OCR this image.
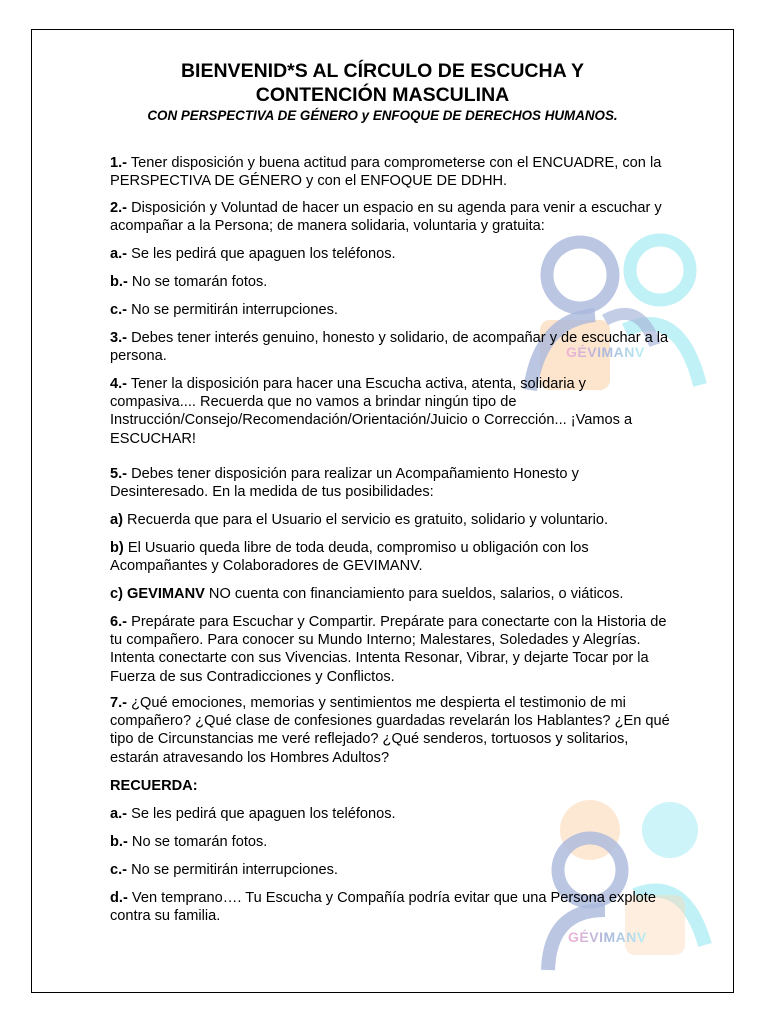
GÉVIMANV
GÉVIMANV
BIENVENID*S AL CÍRCULO DE ESCUCHA Y
CONTENCIÓN MASCULINA
CON PERSPECTIVA DE GÉNERO y ENFOQUE DE DERECHOS HUMANOS.

1.- Tener disposición y buena actitud para comprometerse con el ENCUADRE, con la PERSPECTIVA DE GÉNERO y con el ENFOQUE DE DDHH.

2.- Disposición y Voluntad de hacer un espacio en su agenda para venir a escuchar y acompañar a la Persona; de manera solidaria, voluntaria y gratuita:

a.- Se les pedirá que apaguen los teléfonos.

b.- No se tomarán fotos.

c.- No se permitirán interrupciones.

3.- Debes tener interés genuino, honesto y solidario, de acompañar y de escuchar a la persona.

4.- Tener la disposición para hacer una Escucha activa, atenta, solidaria y compasiva.... Recuerda que no vamos a brindar ningún tipo de Instrucción/Consejo/Recomendación/Orientación/Juicio o Corrección... ¡Vamos a ESCUCHAR!

5.- Debes tener disposición para realizar un Acompañamiento Honesto y Desinteresado. En la medida de tus posibilidades:

a) Recuerda que para el Usuario el servicio es gratuito, solidario y voluntario.

b) El Usuario queda libre de toda deuda, compromiso u obligación con los Acompañantes y Colaboradores de GEVIMANV.

c) GEVIMANV NO cuenta con financiamiento para sueldos, salarios, o viáticos.

6.- Prepárate para Escuchar y Compartir. Prepárate para conectarte con la Historia de tu compañero. Para conocer su Mundo Interno; Malestares, Soledades y Alegrías. Intenta conectarte con sus Vivencias. Intenta Resonar, Vibrar, y dejarte Tocar por la Fuerza de sus Contradicciones y Conflictos.

7.- ¿Qué emociones, memorias y sentimientos me despierta el testimonio de mi compañero? ¿Qué clase de confesiones guardadas revelarán los Hablantes? ¿En qué tipo de Circunstancias me veré reflejado? ¿Qué senderos, tortuosos y solitarios, estarán atravesando los Hombres Adultos?

RECUERDA:

a.- Se les pedirá que apaguen los teléfonos.

b.- No se tomarán fotos.

c.- No se permitirán interrupciones.

d.- Ven temprano…. Tu Escucha y Compañía podría evitar que una Persona explote contra su familia.
